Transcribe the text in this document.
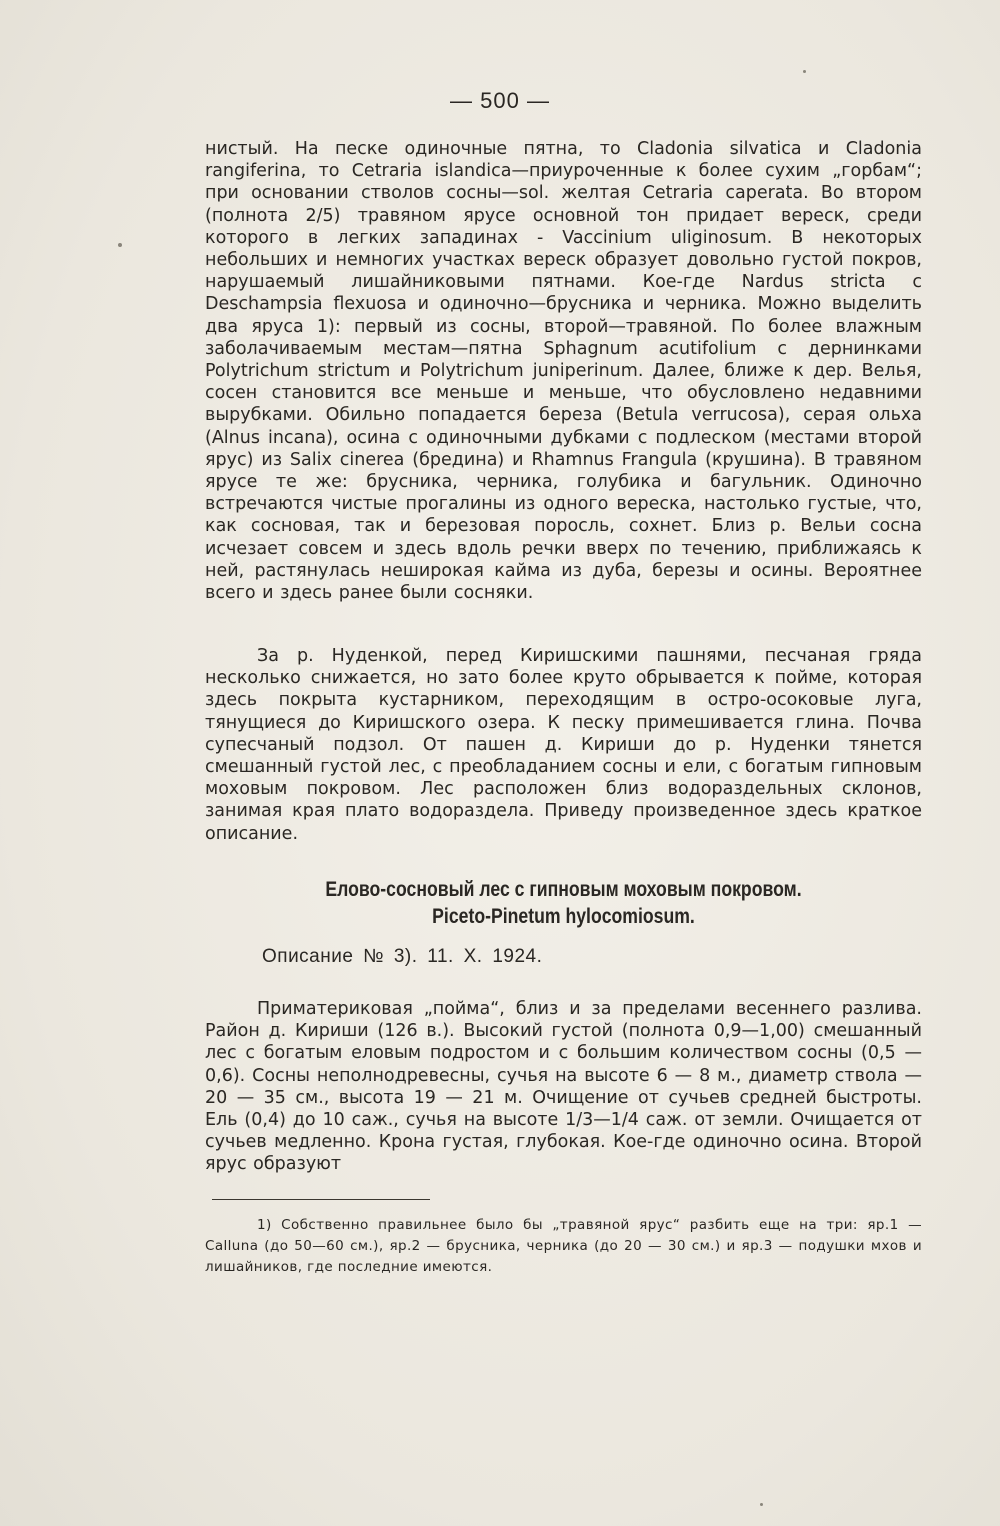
— 500 —

нистый. На песке одиночные пятна, то Cladonia silvatica и Cladonia rangiferina, то Cetraria islandica—приуроченные к более сухим „горбам“; при основании стволов сосны—sol. желтая Cetraria caperata. Во втором (полнота 2/5) травяном ярусе основной тон придает вереск, среди которого в легких западинах - Vaccinium uliginosum. В некоторых небольших и немногих участках вереск образует довольно густой покров, нарушаемый лишайниковыми пятнами. Кое-где Nardus stricta с Deschampsia flexuosa и одиночно—брусника и черника. Можно выделить два яруса 1): первый из сосны, второй—травяной. По более влажным заболачиваемым местам—пятна Sphagnum acutifolium с дернинками Polytrichum strictum и Polytrichum juniperinum. Далее, ближе к дер. Велья, сосен становится все меньше и меньше, что обусловлено недавними вырубками. Обильно попадается береза (Betula verrucosa), серая ольха (Alnus incana), осина с одиночными дубками с подлеском (местами второй ярус) из Salix cinerea (бредина) и Rhamnus Frangula (крушина). В травяном ярусе те же: брусника, черника, голубика и багульник. Одиночно встречаются чистые прогалины из одного вереска, настолько густые, что, как сосновая, так и березовая поросль, сохнет. Близ р. Вельи сосна исчезает совсем и здесь вдоль речки вверх по течению, приближаясь к ней, растянулась неширокая кайма из дуба, березы и осины. Вероятнее всего и здесь ранее были сосняки.

За р. Нуденкой, перед Киришскими пашнями, песчаная гряда несколько снижается, но зато более круто обрывается к пойме, которая здесь покрыта кустарником, переходящим в остро-осоковые луга, тянущиеся до Киришского озера. К песку примешивается глина. Почва супесчаный подзол. От пашен д. Кириши до р. Нуденки тянется смешанный густой лес, с преобладанием сосны и ели, с богатым гипновым моховым покровом. Лес расположен близ водораздельных склонов, занимая края плато водораздела. Приведу произведенное здесь краткое описание.

Елово-сосновый лес с гипновым моховым покровом.
Piceto-Pinetum hylocomiosum.
Описание № 3). 11. X. 1924.

Приматериковая „пойма“, близ и за пределами весеннего разлива. Район д. Кириши (126 в.). Высокий густой (полнота 0,9—1,00) смешанный лес с богатым еловым подростом и с большим количеством сосны (0,5 — 0,6). Сосны неполнодревесны, сучья на высоте 6 — 8 м., диаметр ствола — 20 — 35 см., высота 19 — 21 м. Очищение от сучьев средней быстроты. Ель (0,4) до 10 саж., сучья на высоте 1/3—1/4 саж. от земли. Очищается от сучьев медленно. Крона густая, глубокая. Кое-где одиночно осина. Второй ярус образуют

1) Собственно правильнее было бы „травяной ярус“ разбить еще на три: яр.1 — Calluna (до 50—60 см.), яр.2 — брусника, черника (до 20 — 30 см.) и яр.3 — подушки мхов и лишайников, где последние имеются.
